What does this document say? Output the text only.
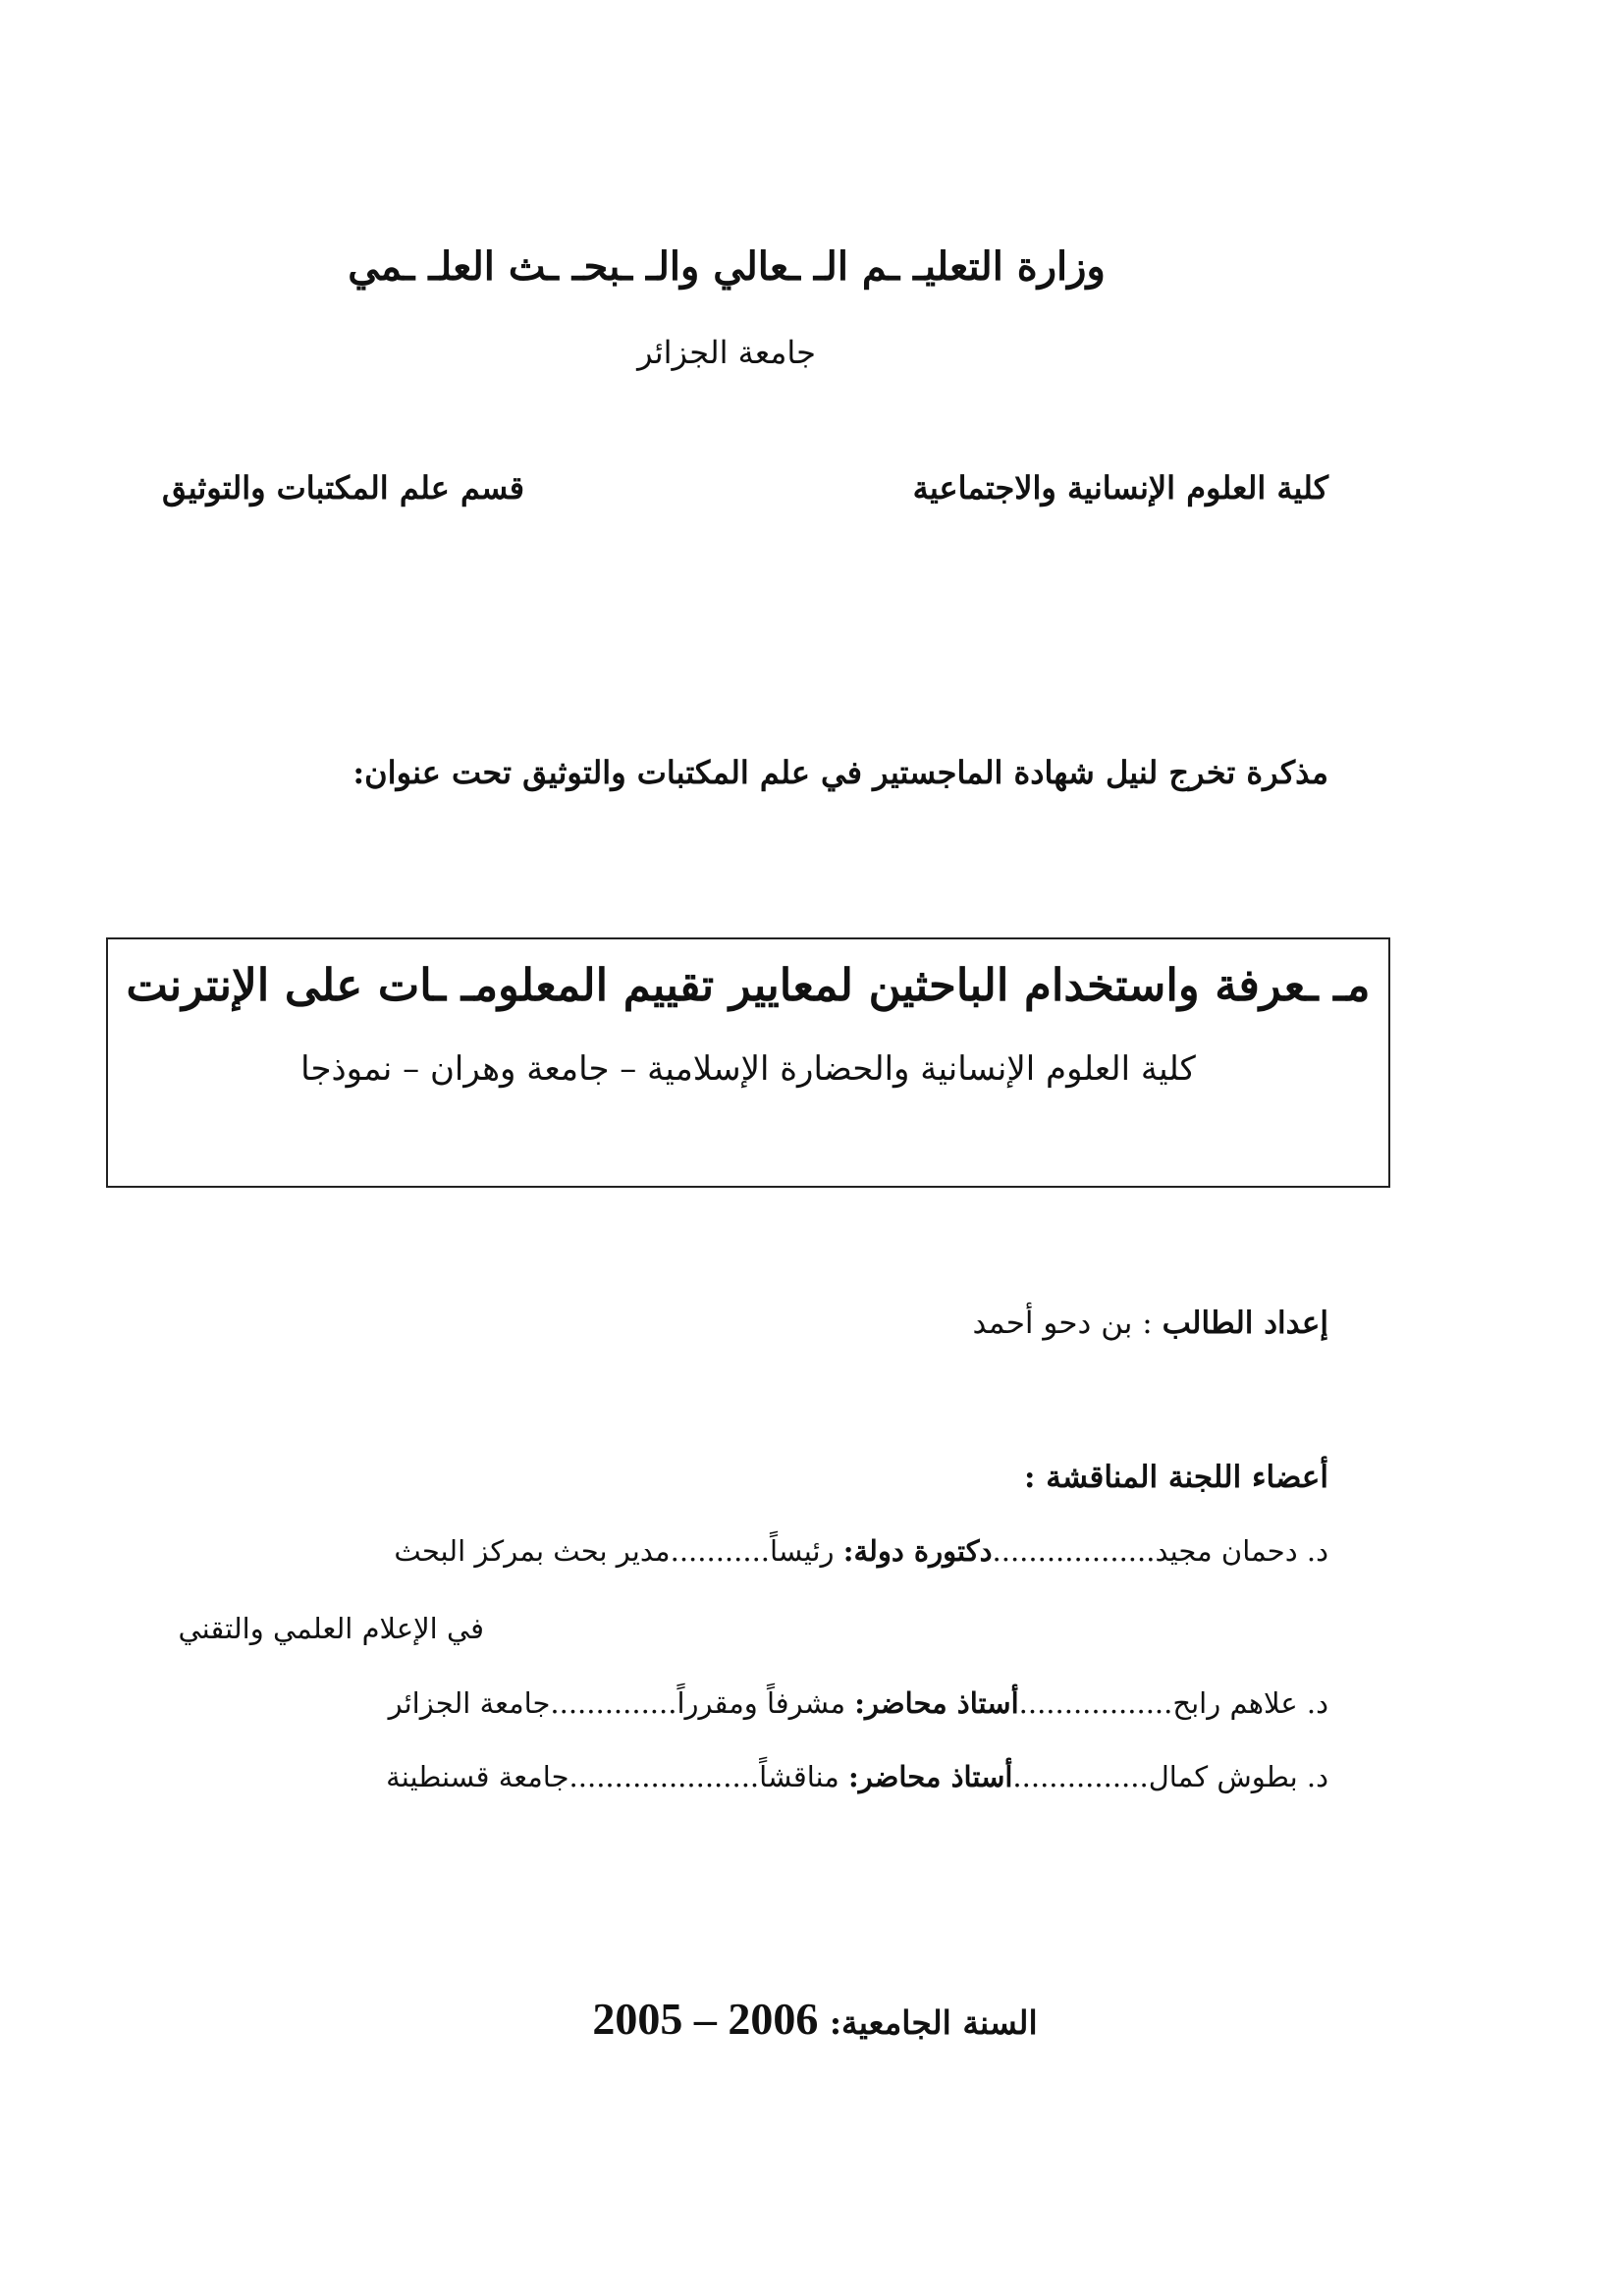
وزارة التعليـ ـم الـ ـعالي والـ ـبحـ ـث العلـ ـمي
جامعة الجزائر
كلية العلوم الإنسانية والاجتماعية
قسم علم المكتبات والتوثيق
مذكرة تخرج لنيل شهادة الماجستير في علم المكتبات والتوثيق تحت عنوان:
مـ ـعرفة واستخدام الباحثين لمعايير تقييم المعلومـ ـات على الإنترنت
كلية العلوم الإنسانية والحضارة الإسلامية – جامعة وهران – نموذجا
إعداد الطالب : بن دحو أحمد
أعضاء اللجنة المناقشة :
د. دحمان مجيد..................دكتورة دولة: رئيساً...........مدير بحث بمركز البحث
في الإعلام العلمي والتقني
د. علاهم رابح.................أستاذ محاضر: مشرفاً ومقرراً..............جامعة الجزائر
د. بطوش كمال...............أستاذ محاضر: مناقشاً.....................جامعة قسنطينة
السنة الجامعية: 2005 – 2006
